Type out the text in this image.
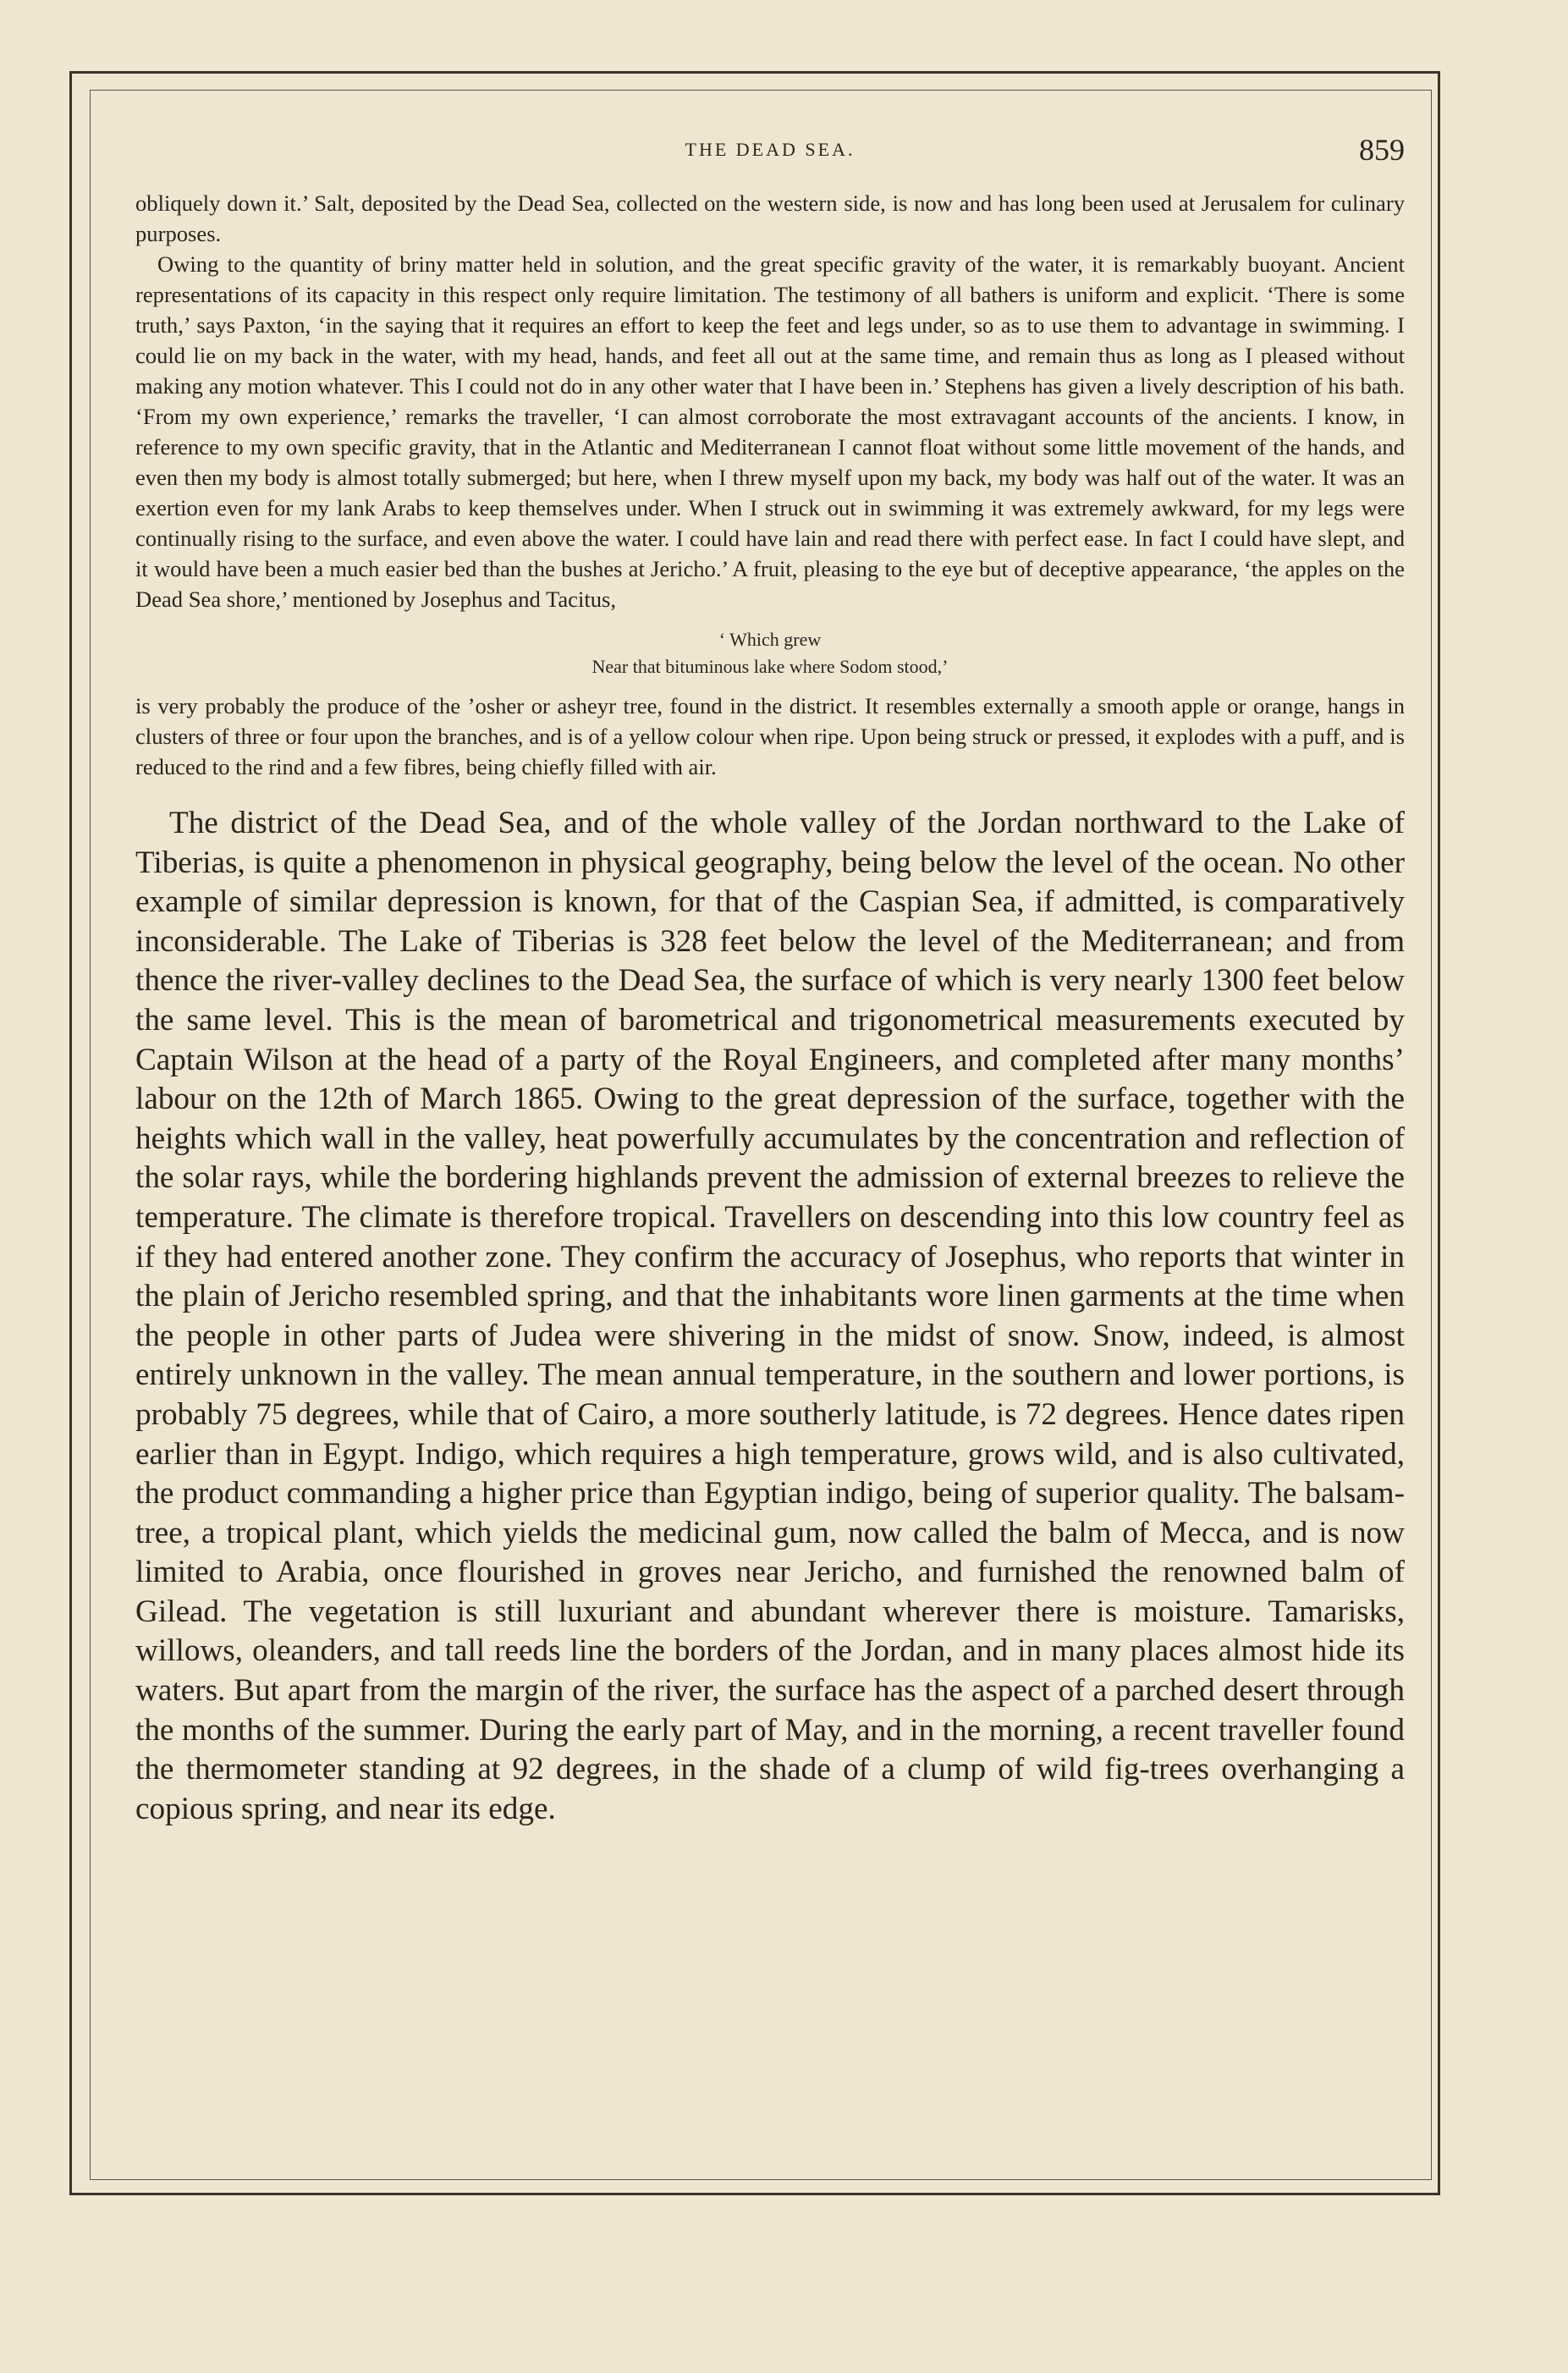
THE DEAD SEA.	859

obliquely down it.’ Salt, deposited by the Dead Sea, collected on the western side, is now and has long been used at Jerusalem for culinary purposes.

Owing to the quantity of briny matter held in solution, and the great specific gravity of the water, it is remarkably buoyant. Ancient representations of its capacity in this respect only require limitation. The testimony of all bathers is uniform and explicit. ‘There is some truth,’ says Paxton, ‘in the saying that it requires an effort to keep the feet and legs under, so as to use them to advantage in swimming. I could lie on my back in the water, with my head, hands, and feet all out at the same time, and remain thus as long as I pleased without making any motion whatever. This I could not do in any other water that I have been in.’ Stephens has given a lively description of his bath. ‘From my own experience,’ remarks the traveller, ‘I can almost corroborate the most extravagant accounts of the ancients. I know, in reference to my own specific gravity, that in the Atlantic and Mediterranean I cannot float without some little movement of the hands, and even then my body is almost totally submerged; but here, when I threw myself upon my back, my body was half out of the water. It was an exertion even for my lank Arabs to keep themselves under. When I struck out in swimming it was extremely awkward, for my legs were continually rising to the surface, and even above the water. I could have lain and read there with perfect ease. In fact I could have slept, and it would have been a much easier bed than the bushes at Jericho.’ A fruit, pleasing to the eye but of deceptive appearance, ‘the apples on the Dead Sea shore,’ mentioned by Josephus and Tacitus,

‘ Which grew
Near that bituminous lake where Sodom stood,’

is very probably the produce of the ’osher or asheyr tree, found in the district. It resembles externally a smooth apple or orange, hangs in clusters of three or four upon the branches, and is of a yellow colour when ripe. Upon being struck or pressed, it explodes with a puff, and is reduced to the rind and a few fibres, being chiefly filled with air.

The district of the Dead Sea, and of the whole valley of the Jordan northward to the Lake of Tiberias, is quite a phenomenon in physical geography, being below the level of the ocean. No other example of similar depression is known, for that of the Caspian Sea, if admitted, is comparatively inconsiderable. The Lake of Tiberias is 328 feet below the level of the Mediterranean; and from thence the river-valley declines to the Dead Sea, the surface of which is very nearly 1300 feet below the same level. This is the mean of barometrical and trigonometrical measurements executed by Captain Wilson at the head of a party of the Royal Engineers, and completed after many months’ labour on the 12th of March 1865. Owing to the great depression of the surface, together with the heights which wall in the valley, heat powerfully accumulates by the concentration and reflection of the solar rays, while the bordering highlands prevent the admission of external breezes to relieve the temperature. The climate is therefore tropical. Travellers on descending into this low country feel as if they had entered another zone. They confirm the accuracy of Josephus, who reports that winter in the plain of Jericho resembled spring, and that the inhabitants wore linen garments at the time when the people in other parts of Judea were shivering in the midst of snow. Snow, indeed, is almost entirely unknown in the valley. The mean annual temperature, in the southern and lower portions, is probably 75 degrees, while that of Cairo, a more southerly latitude, is 72 degrees. Hence dates ripen earlier than in Egypt. Indigo, which requires a high temperature, grows wild, and is also cultivated, the product commanding a higher price than Egyptian indigo, being of superior quality. The balsam-tree, a tropical plant, which yields the medicinal gum, now called the balm of Mecca, and is now limited to Arabia, once flourished in groves near Jericho, and furnished the renowned balm of Gilead. The vegetation is still luxuriant and abundant wherever there is moisture. Tamarisks, willows, oleanders, and tall reeds line the borders of the Jordan, and in many places almost hide its waters. But apart from the margin of the river, the surface has the aspect of a parched desert through the months of the summer. During the early part of May, and in the morning, a recent traveller found the thermometer standing at 92 degrees, in the shade of a clump of wild fig-trees overhanging a copious spring, and near its edge.
